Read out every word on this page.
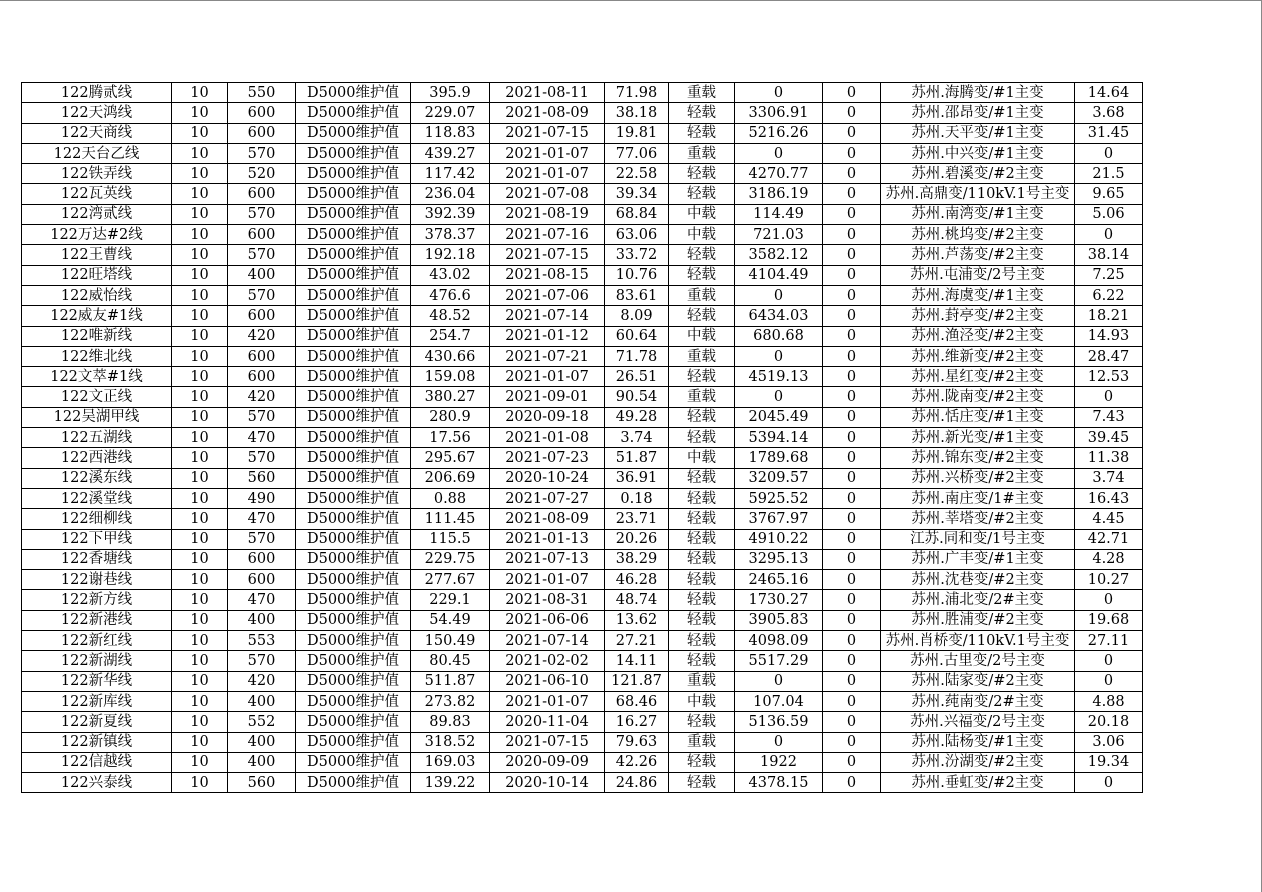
122腾贰线	10	550	D5000维护值	395.9	2021-08-11	71.98	重载	0	0	苏州.海腾变/#1主变	14.64
122天鸿线	10	600	D5000维护值	229.07	2021-08-09	38.18	轻载	3306.91	0	苏州.邵昂变/#1主变	3.68
122天商线	10	600	D5000维护值	118.83	2021-07-15	19.81	轻载	5216.26	0	苏州.天平变/#1主变	31.45
122天台乙线	10	570	D5000维护值	439.27	2021-01-07	77.06	重载	0	0	苏州.中兴变/#1主变	0
122铁弄线	10	520	D5000维护值	117.42	2021-01-07	22.58	轻载	4270.77	0	苏州.碧溪变/#2主变	21.5
122瓦英线	10	600	D5000维护值	236.04	2021-07-08	39.34	轻载	3186.19	0	苏州.高鼎变/110kV.1号主变	9.65
122湾贰线	10	570	D5000维护值	392.39	2021-08-19	68.84	中载	114.49	0	苏州.南湾变/#1主变	5.06
122万达#2线	10	600	D5000维护值	378.37	2021-07-16	63.06	中载	721.03	0	苏州.桃坞变/#2主变	0
122王曹线	10	570	D5000维护值	192.18	2021-07-15	33.72	轻载	3582.12	0	苏州.芦荡变/#2主变	38.14
122旺塔线	10	400	D5000维护值	43.02	2021-08-15	10.76	轻载	4104.49	0	苏州.屯浦变/2号主变	7.25
122威怡线	10	570	D5000维护值	476.6	2021-07-06	83.61	重载	0	0	苏州.海虞变/#1主变	6.22
122威友#1线	10	600	D5000维护值	48.52	2021-07-14	8.09	轻载	6434.03	0	苏州.葑亭变/#2主变	18.21
122唯新线	10	420	D5000维护值	254.7	2021-01-12	60.64	中载	680.68	0	苏州.渔泾变/#2主变	14.93
122维北线	10	600	D5000维护值	430.66	2021-07-21	71.78	重载	0	0	苏州.维新变/#2主变	28.47
122文萃#1线	10	600	D5000维护值	159.08	2021-01-07	26.51	轻载	4519.13	0	苏州.星红变/#2主变	12.53
122文正线	10	420	D5000维护值	380.27	2021-09-01	90.54	重载	0	0	苏州.陇南变/#2主变	0
122吴湖甲线	10	570	D5000维护值	280.9	2020-09-18	49.28	轻载	2045.49	0	苏州.恬庄变/#1主变	7.43
122五湖线	10	470	D5000维护值	17.56	2021-01-08	3.74	轻载	5394.14	0	苏州.新光变/#1主变	39.45
122西港线	10	570	D5000维护值	295.67	2021-07-23	51.87	中载	1789.68	0	苏州.锦东变/#2主变	11.38
122溪东线	10	560	D5000维护值	206.69	2020-10-24	36.91	轻载	3209.57	0	苏州.兴桥变/#2主变	3.74
122溪堂线	10	490	D5000维护值	0.88	2021-07-27	0.18	轻载	5925.52	0	苏州.南庄变/1#主变	16.43
122细柳线	10	470	D5000维护值	111.45	2021-08-09	23.71	轻载	3767.97	0	苏州.莘塔变/#2主变	4.45
122下甲线	10	570	D5000维护值	115.5	2021-01-13	20.26	轻载	4910.22	0	江苏.同和变/1号主变	42.71
122香塘线	10	600	D5000维护值	229.75	2021-07-13	38.29	轻载	3295.13	0	苏州.广丰变/#1主变	4.28
122谢巷线	10	600	D5000维护值	277.67	2021-01-07	46.28	轻载	2465.16	0	苏州.沈巷变/#2主变	10.27
122新方线	10	470	D5000维护值	229.1	2021-08-31	48.74	轻载	1730.27	0	苏州.浦北变/2#主变	0
122新港线	10	400	D5000维护值	54.49	2021-06-06	13.62	轻载	3905.83	0	苏州.胜浦变/#2主变	19.68
122新红线	10	553	D5000维护值	150.49	2021-07-14	27.21	轻载	4098.09	0	苏州.肖桥变/110kV.1号主变	27.11
122新湖线	10	570	D5000维护值	80.45	2021-02-02	14.11	轻载	5517.29	0	苏州.古里变/2号主变	0
122新华线	10	420	D5000维护值	511.87	2021-06-10	121.87	重载	0	0	苏州.陆家变/#2主变	0
122新库线	10	400	D5000维护值	273.82	2021-01-07	68.46	中载	107.04	0	苏州.莼南变/2#主变	4.88
122新夏线	10	552	D5000维护值	89.83	2020-11-04	16.27	轻载	5136.59	0	苏州.兴福变/2号主变	20.18
122新镇线	10	400	D5000维护值	318.52	2021-07-15	79.63	重载	0	0	苏州.陆杨变/#1主变	3.06
122信越线	10	400	D5000维护值	169.03	2020-09-09	42.26	轻载	1922	0	苏州.汾湖变/#2主变	19.34
122兴泰线	10	560	D5000维护值	139.22	2020-10-14	24.86	轻载	4378.15	0	苏州.垂虹变/#2主变	0
